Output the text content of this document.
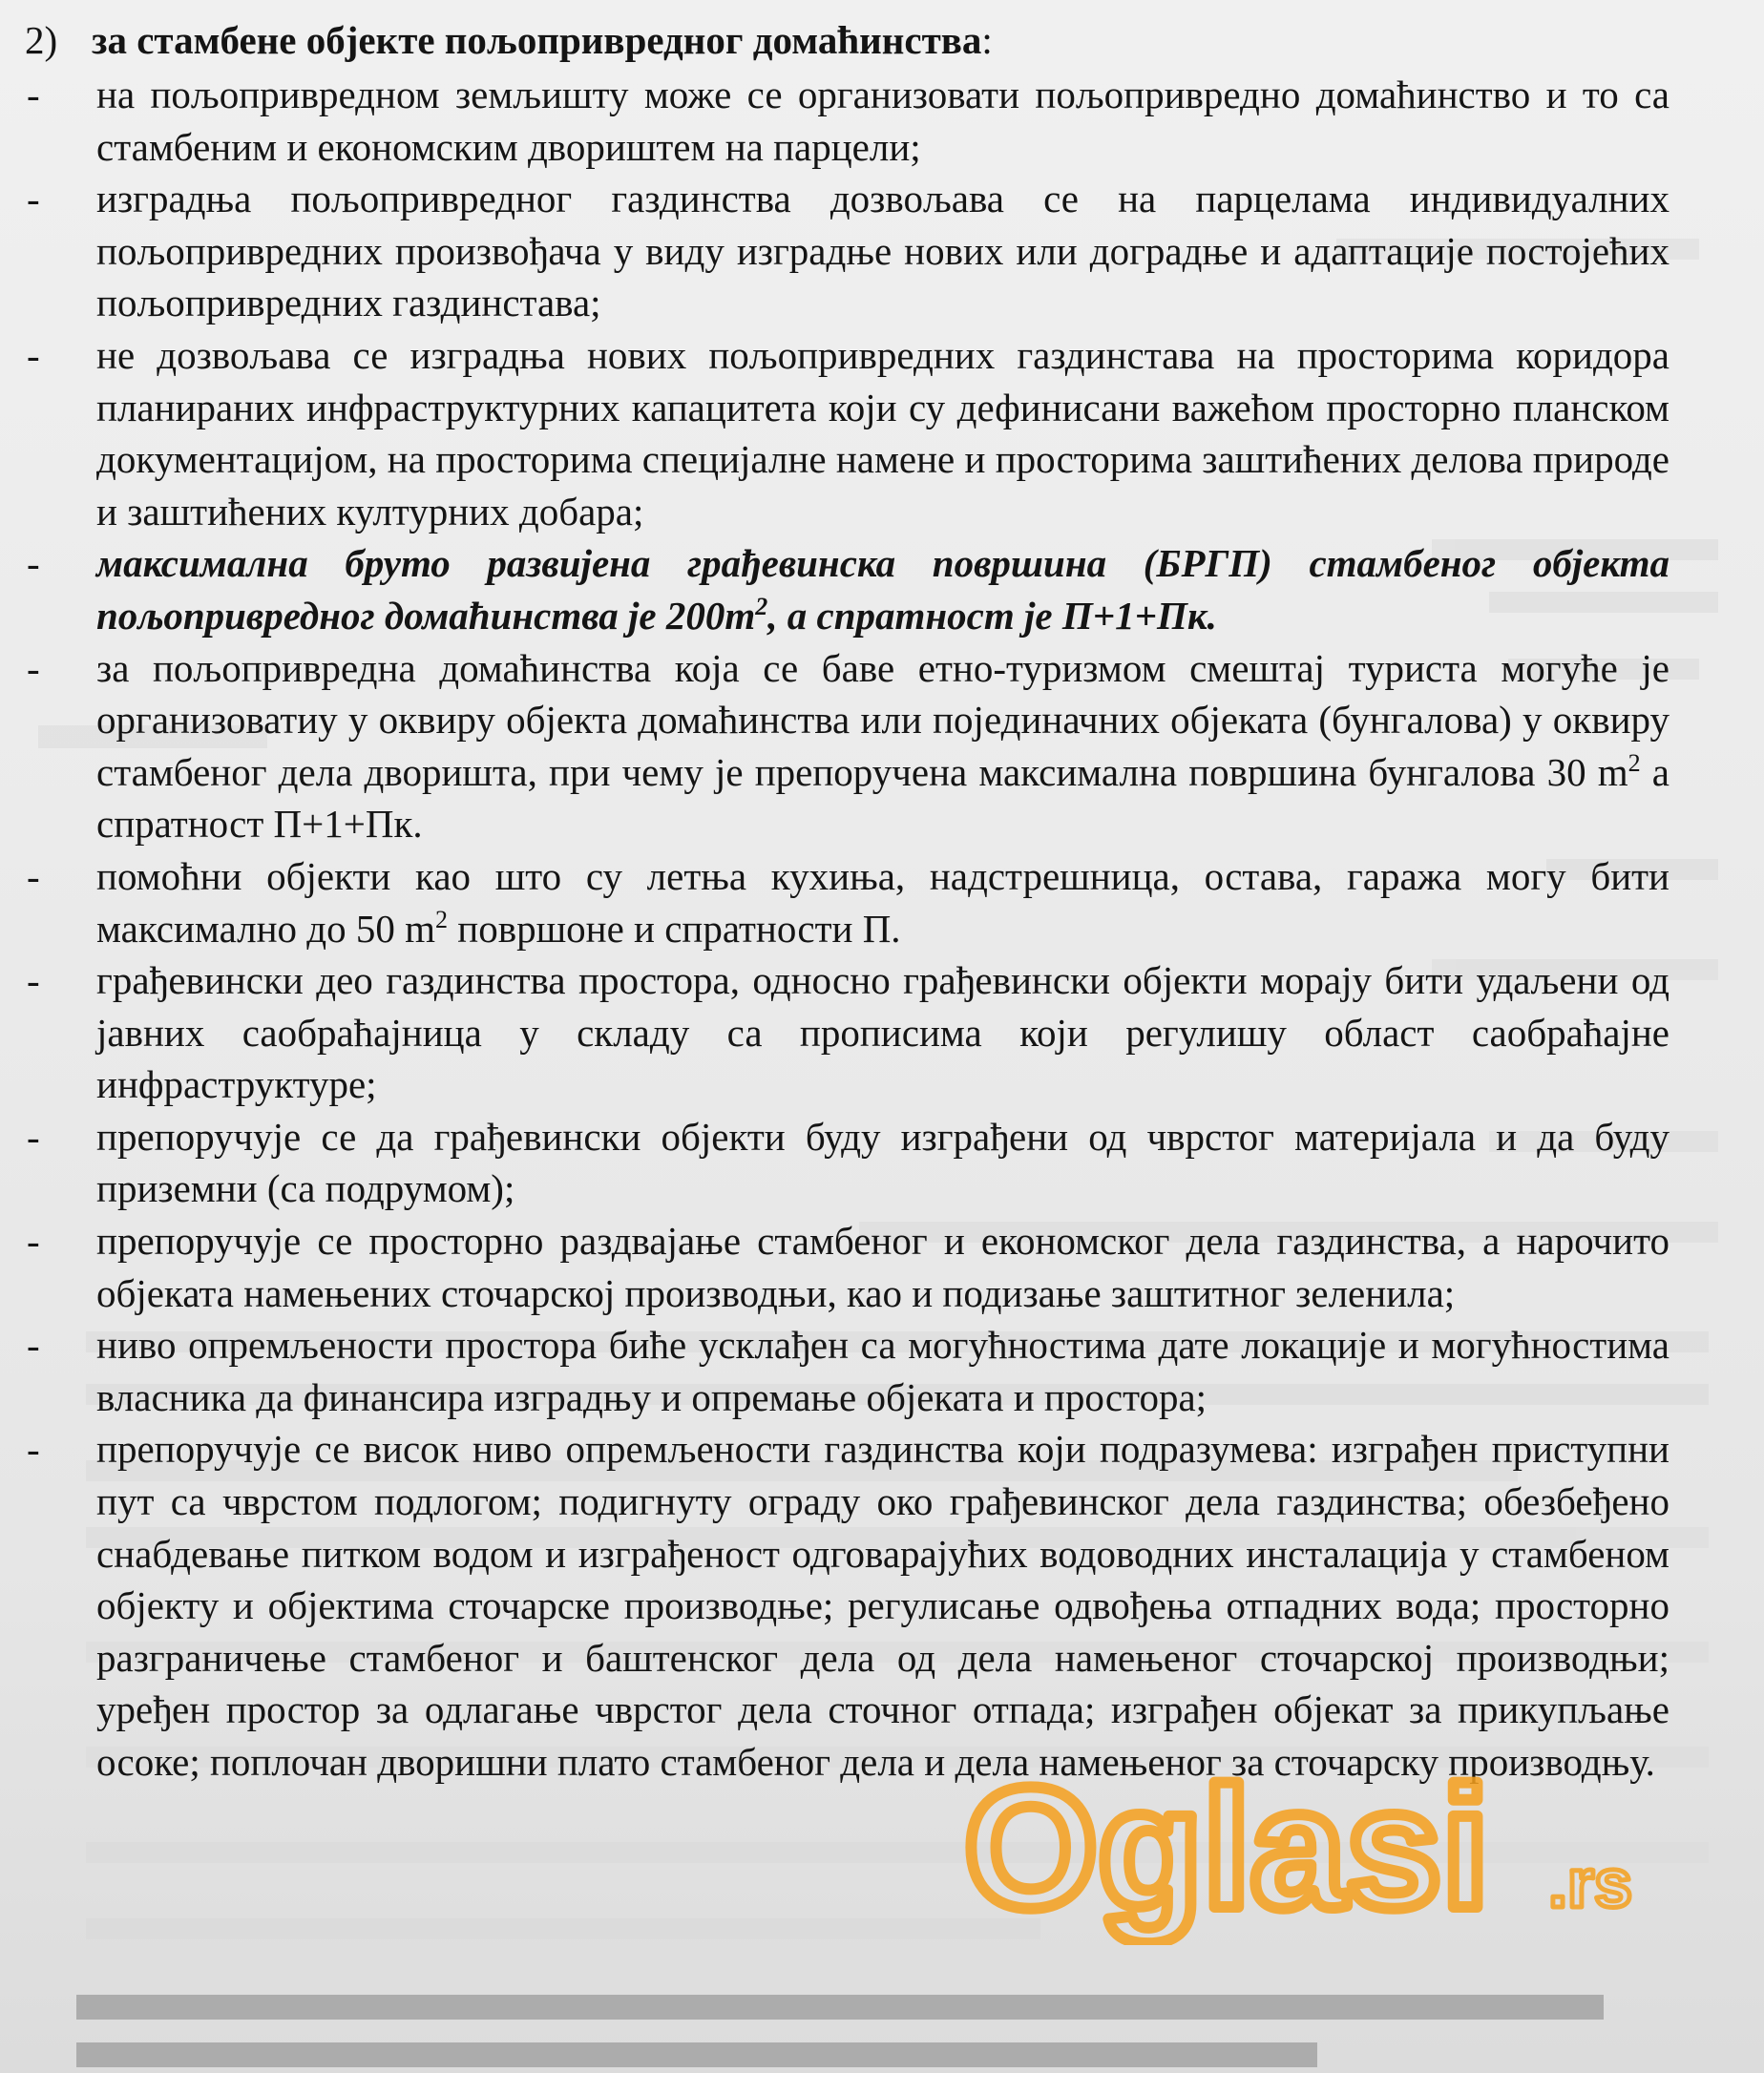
2) за стамбене објекте пољопривредног домаћинства:
- на пољопривредном земљишту може се организовати пољопривредно домаћинство и то са стамбеним и економским двориштем на парцели;
- изградња пољопривредног газдинства дозвољава се на парцелама индивидуалних пољопривредних произвођача у виду изградње нових или доградње и адаптације постојећих пољопривредних газдинстава;
- не дозвољава се изградња нових пољопривредних газдинстава на просторима коридора планираних инфраструктурних капацитета који су дефинисани важећом просторно планском документацијом, на просторима специјалне намене и просторима заштићених делова природе и заштићених културних добара;
- максимална бруто развијена грађевинска површина (БРГП) стамбеног објекта пољопривредног домаћинства је $200m^2$, а спратност је П+1+Пк.
- за пољопривредна домаћинства која се баве етно-туризмом смештај туриста могуће је организоватиу у оквиру објекта домаћинства или појединачних објеката (бунгалова) у оквиру стамбеног дела дворишта, при чему је препоручена максимална површина бунгалова 30 $m^2$ а спратност П+1+Пк.
- помоћни објекти као што су летња кухиња, надстрешница, остава, гаража могу бити максимално до 50 $m^2$ површоне и спратности П.
- грађевински део газдинства простора, односно грађевински објекти морају бити удаљени од јавних саобраћајница у складу са прописима који регулишу област саобраћајне инфраструктуре;
- препоручује се да грађевински објекти буду изграђени од чврстог материјала и да буду приземни (са подрумом);
- препоручује се просторно раздвајање стамбеног и економског дела газдинства, а нарочито објеката намењених сточарској производњи, као и подизање заштитног зеленила;
- ниво опремљености простора биће усклађен са могућностима дате локације и могућностима власника да финансира изградњу и опремање објеката и простора;
- препоручује се висок ниво опремљености газдинства који подразумева: изграђен приступни пут са чврстом подлогом; подигнуту ограду око грађевинског дела газдинства; обезбеђено снабдевање питком водом и изграђеност одговарајућих водоводних инсталација у стамбеном објекту и објектима сточарске производње; регулисање одвођења отпадних вода; просторно разграничење стамбеног и баштенског дела од дела намењеног сточарској производњи; уређен простор за одлагање чврстог дела сточног отпада; изграђен објекат за прикупљање осоке; поплочан дворишни плато стамбеног дела и дела намењеног за сточарску производњу.
Oglasi .rs
